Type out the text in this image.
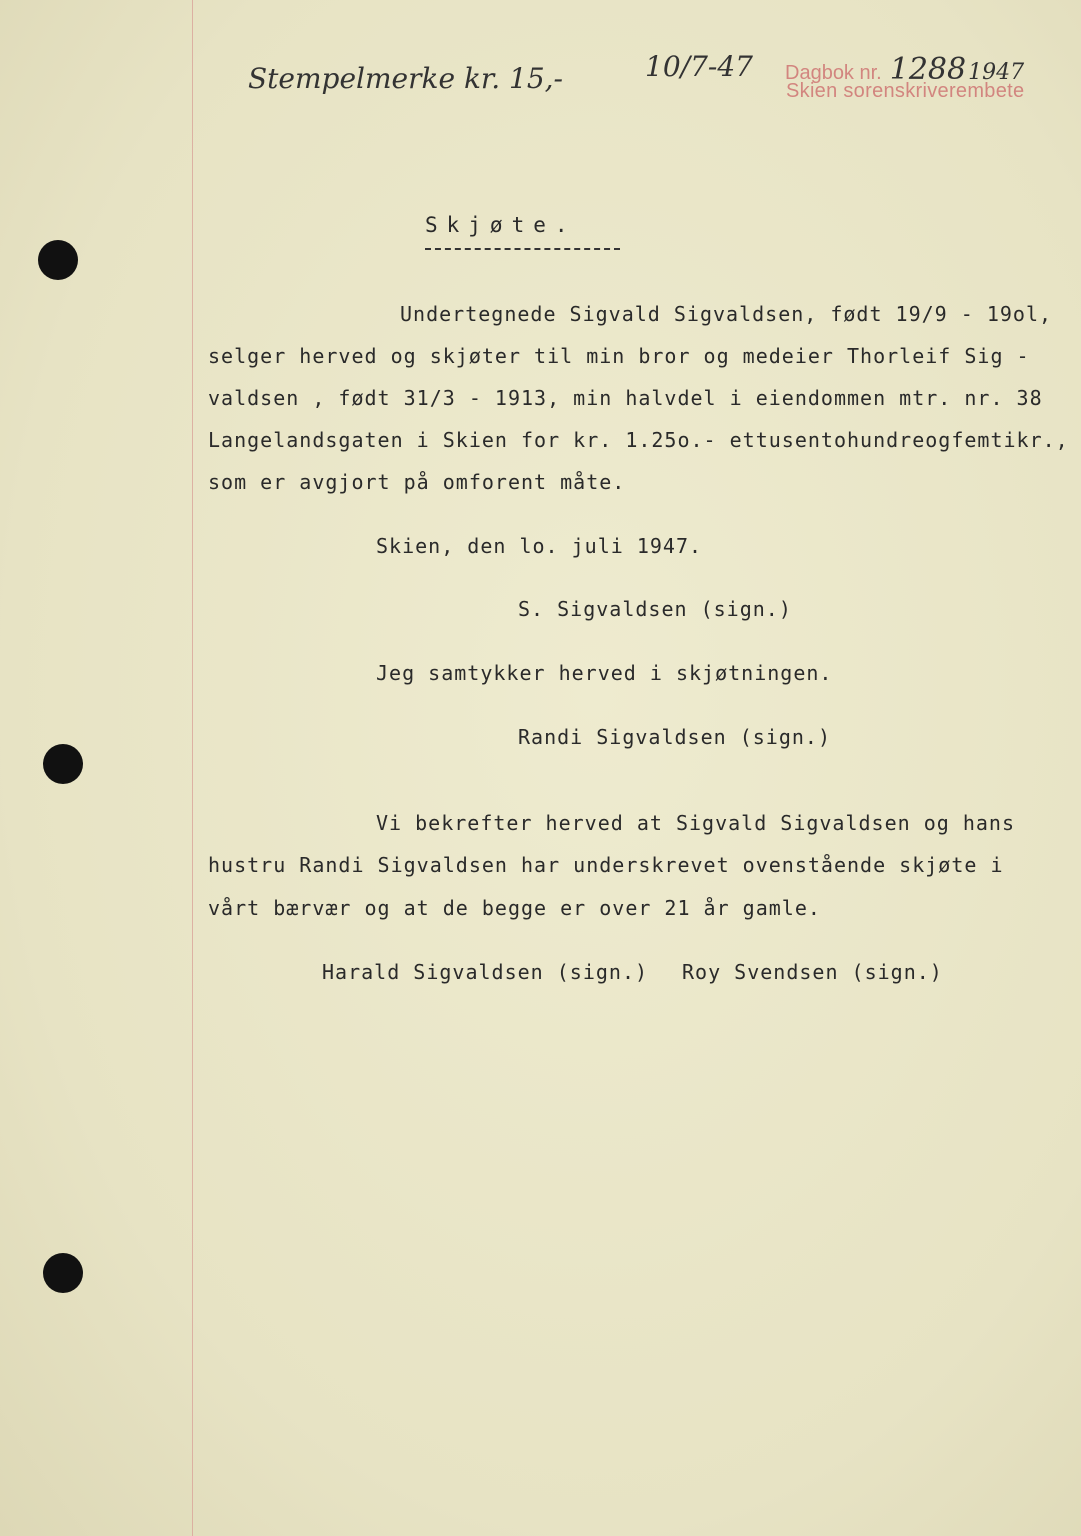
Stempelmerke kr. 15,-	10/7-47 Dagbok nr. 12881947
Skien sorenskriverembete
Skjøte.
Undertegnede Sigvald Sigvaldsen, født 19/9 - 19ol,
selger herved og skjøter til min bror og medeier Thorleif Sig -
valdsen , født 31/3 - 1913, min halvdel i eiendommen mtr. nr. 38
Langelandsgaten i Skien for kr. 1.25o.- ettusentohundreogfemtikr.,
som er avgjort på omforent måte.
Skien, den lo. juli 1947.
S. Sigvaldsen (sign.)
Jeg samtykker herved i skjøtningen.
Randi Sigvaldsen (sign.)
Vi bekrefter herved at Sigvald Sigvaldsen og hans
hustru Randi Sigvaldsen har underskrevet ovenstående skjøte i
vårt bærvær og at de begge er over 21 år gamle.
Harald Sigvaldsen (sign.) Roy Svendsen (sign.)
